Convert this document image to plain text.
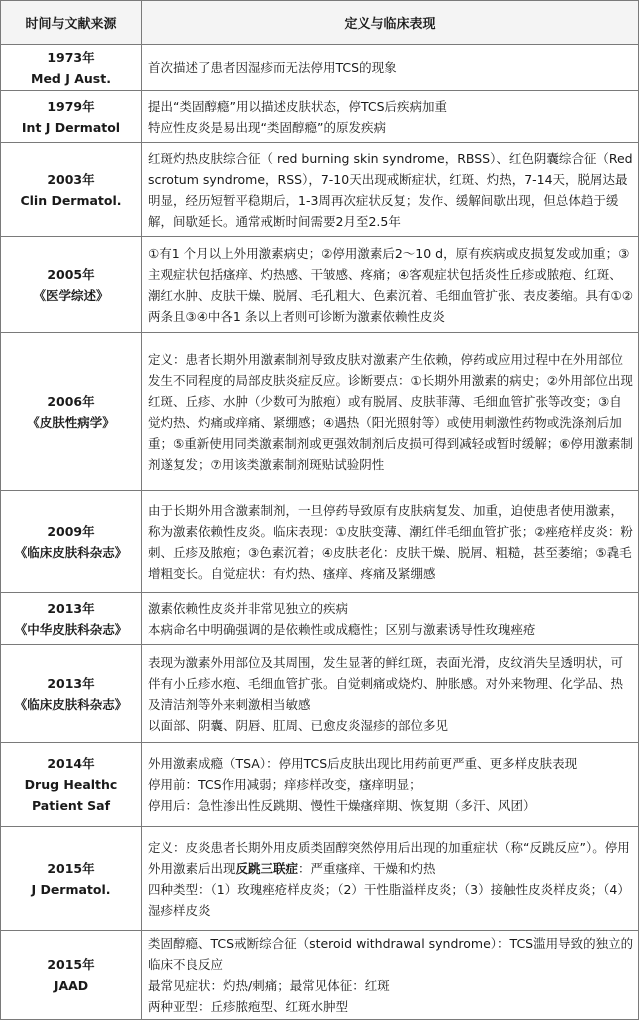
时间与文献来源	定义与临床表现

1973年
Med J Aust.	首次描述了患者因湿疹而无法停用TCS的现象

1979年
Int J Dermatol	提出“类固醇瘾”用以描述皮肤状态，停TCS后疾病加重
特应性皮炎是易出现“类固醇瘾”的原发疾病

2003年
Clin Dermatol.	红斑灼热皮肤综合征（ red burning skin syndrome，RBSS）、红色阴囊综合征（Red scrotum syndrome，RSS），7-10天出现戒断症状，红斑、灼热，7-14天，脱屑达最明显，经历短暂平稳期后，1-3周再次症状反复；发作、缓解间歇出现，但总体趋于缓解，间歇延长。通常戒断时间需要2月至2.5年

2005年
《医学综述》	①有1 个月以上外用激素病史；②停用激素后2～10 d，原有疾病或皮损复发或加重；③主观症状包括瘙痒、灼热感、干皱感、疼痛；④客观症状包括炎性丘疹或脓疱、红斑、潮红水肿、皮肤干燥、脱屑、毛孔粗大、色素沉着、毛细血管扩张、表皮萎缩。具有①②两条且③④中各1 条以上者则可诊断为激素依赖性皮炎

2006年
《皮肤性病学》	定义：患者长期外用激素制剂导致皮肤对激素产生依赖，停药或应用过程中在外用部位发生不同程度的局部皮肤炎症反应。诊断要点：①长期外用激素的病史；②外用部位出现红斑、丘疹、水肿（少数可为脓疱）或有脱屑、皮肤菲薄、毛细血管扩张等改变；③自觉灼热、灼痛或痒痛、紧绷感；④遇热（阳光照射等）或使用刺激性药物或洗涤剂后加重；⑤重新使用同类激素制剂或更强效制剂后皮损可得到减轻或暂时缓解；⑥停用激素制剂遂复发；⑦用该类激素制剂斑贴试验阴性

2009年
《临床皮肤科杂志》	由于长期外用含激素制剂，一旦停药导致原有皮肤病复发、加重，迫使患者使用激素，称为激素依赖性皮炎。临床表现：①皮肤变薄、潮红伴毛细血管扩张；②痤疮样皮炎：粉刺、丘疹及脓疱；③色素沉着；④皮肤老化：皮肤干燥、脱屑、粗糙，甚至萎缩；⑤毳毛增粗变长。自觉症状：有灼热、瘙痒、疼痛及紧绷感

2013年
《中华皮肤科杂志》	激素依赖性皮炎并非常见独立的疾病
本病命名中明确强调的是依赖性或成瘾性；区别与激素诱导性玫瑰痤疮

2013年
《临床皮肤科杂志》	表现为激素外用部位及其周围，发生显著的鲜红斑，表面光滑，皮纹消失呈透明状，可伴有小丘疹水疱、毛细血管扩张。自觉刺痛或烧灼、肿胀感。对外来物理、化学品、热及清洁剂等外来刺激相当敏感
以面部、阴囊、阴唇、肛周、已愈皮炎湿疹的部位多见

2014年
Drug Healthc Patient Saf	外用激素成瘾（TSA）：停用TCS后皮肤出现比用药前更严重、更多样皮肤表现
停用前：TCS作用减弱；痒疹样改变，瘙痒明显；
停用后：急性渗出性反跳期、慢性干燥瘙痒期、恢复期（多汗、风团）

2015年
J Dermatol.	定义：皮炎患者长期外用皮质类固醇突然停用后出现的加重症状（称“反跳反应”）。停用外用激素后出现反跳三联症：严重瘙痒、干燥和灼热
四种类型：（1）玫瑰痤疮样皮炎；（2）干性脂溢样皮炎；（3）接触性皮炎样皮炎；（4）湿疹样皮炎

2015年
JAAD	类固醇瘾、TCS戒断综合征（steroid withdrawal syndrome）：TCS滥用导致的独立的临床不良反应
最常见症状：灼热/刺痛；最常见体征：红斑
两种亚型：丘疹脓疱型、红斑水肿型
